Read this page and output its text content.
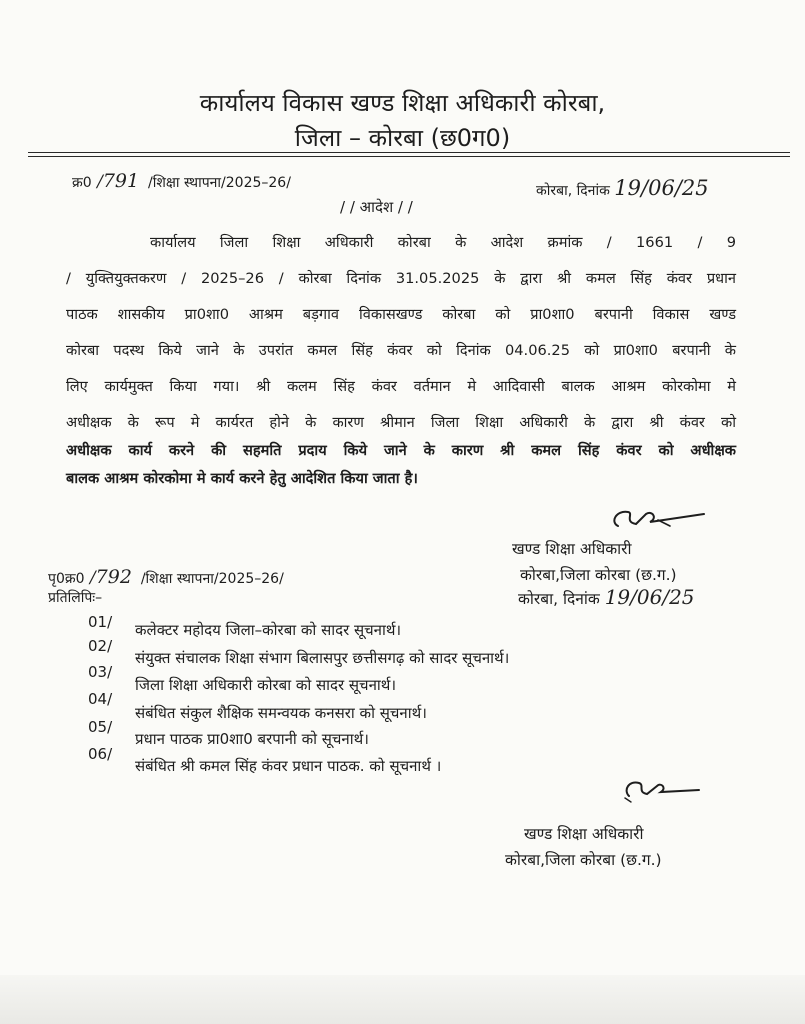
कार्यालय विकास खण्ड शिक्षा अधिकारी कोरबा,
जिला – कोरबा (छ0ग0)
क्र0 /791 /शिक्षा स्थापना/2025–26/	कोरबा, दिनांक 19/06/25
/ / आदेश / /
कार्यालय जिला शिक्षा अधिकारी कोरबा के आदेश क्रमांक / 1661 / 9
/ युक्तियुक्तकरण / 2025–26 / कोरबा दिनांक 31.05.2025 के द्वारा श्री कमल सिंह कंवर प्रधान
पाठक शासकीय प्रा0शा0 आश्रम बड़गाव विकासखण्ड कोरबा को प्रा0शा0 बरपानी विकास खण्ड
कोरबा पदस्थ किये जाने के उपरांत कमल सिंह कंवर को दिनांक 04.06.25 को प्रा0शा0 बरपानी के
लिए कार्यमुक्त किया गया। श्री कलम सिंह कंवर वर्तमान मे आदिवासी बालक आश्रम कोरकोमा मे
अधीक्षक के रूप मे कार्यरत होने के कारण श्रीमान जिला शिक्षा अधिकारी के द्वारा श्री कंवर को
अधीक्षक कार्य करने की सहमति प्रदाय किये जाने के कारण श्री कमल सिंह कंवर को अधीक्षक
बालक आश्रम कोरकोमा मे कार्य करने हेतु आदेशित किया जाता है।
खण्ड शिक्षा अधिकारी
कोरबा,जिला कोरबा (छ.ग.)
कोरबा, दिनांक 19/06/25
पृ0क्र0 /792 /शिक्षा स्थापना/2025–26/
प्रतिलिपिः–
01/ कलेक्टर महोदय जिला–कोरबा को सादर सूचनार्थ।
02/
संयुक्त संचालक शिक्षा संभाग बिलासपुर छत्तीसगढ़ को सादर सूचनार्थ।
03/
जिला शिक्षा अधिकारी कोरबा को सादर सूचनार्थ।
04/
संबंधित संकुल शैक्षिक समन्वयक कनसरा को सूचनार्थ।
05/
प्रधान पाठक प्रा0शा0 बरपानी को सूचनार्थ।
06/
संबंधित श्री कमल सिंह कंवर प्रधान पाठक. को सूचनार्थ ।
खण्ड शिक्षा अधिकारी
कोरबा,जिला कोरबा (छ.ग.)
